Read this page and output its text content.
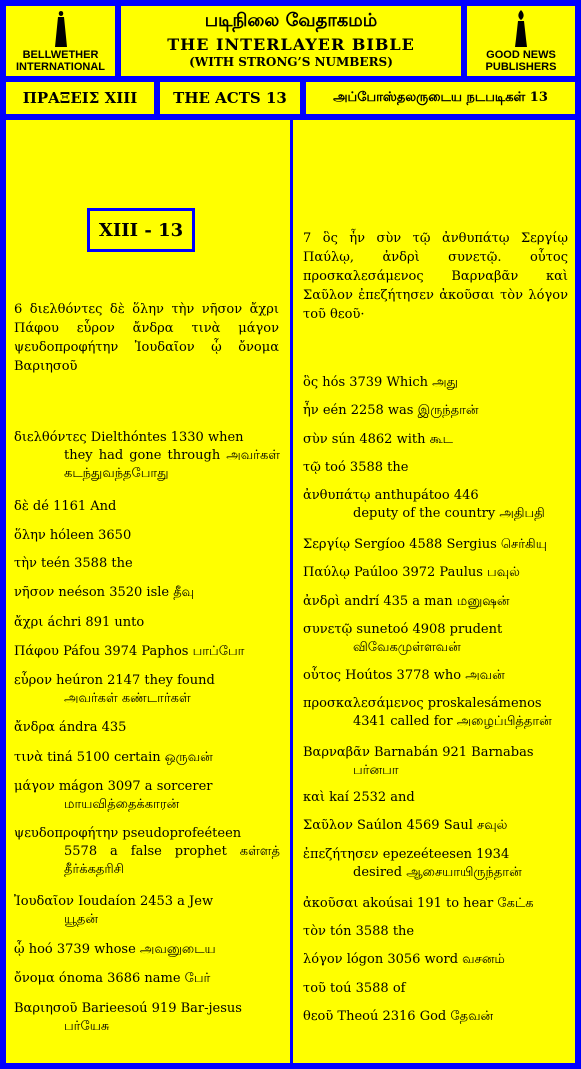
BELLWETHER INTERNATIONAL
படிநிலை வேதாகமம்
THE INTERLAYER BIBLE
(WITH STRONG’S NUMBERS)	GOOD NEWS PUBLISHERS
ΠΡΑΞΕΙΣ XIII	THE ACTS 13	அப்போஸ்தலருடைய நடபடிகள் 13
XIII - 13
6 διελθόντες δὲ ὅλην τὴν νῆσον ἄχρι Πάφου εὗρον ἄνδρα τινὰ μάγον ψευδοπροφήτην Ἰουδαῖον ᾧ ὄνομα Βαριησοῦ
7 ὃς ἦν σὺν τῷ ἀνθυπάτῳ Σεργίῳ Παύλῳ, ἀνδρὶ συνετῷ. οὗτος προσκαλεσάμενος Βαρναβᾶν καὶ Σαῦλον ἐπεζήτησεν ἀκοῦσαι τὸν λόγον τοῦ θεοῦ·
διελθόντες Dielthóntes 1330 when
they had gone through அவர்கள் கடந்துவந்தபோது
δὲ dé 1161 And
ὅλην hóleen 3650
τὴν teén 3588 the
νῆσον neéson 3520 isle தீவு
ἄχρι áchri 891 unto
Πάφου Páfou 3974 Paphos பாப்போ
εὗρον heúron 2147 they found
அவர்கள் கண்டார்கள்
ἄνδρα ándra 435
τινὰ tiná 5100 certain ஒருவன்
μάγον mágon 3097 a sorcerer
மாயவித்தைக்காரன்
ψευδοπροφήτην pseudoprofeéteen
5578 a false prophet கள்ளத் தீர்க்கதரிசி
Ἰουδαῖον Ioudaíon 2453 a Jew
யூதன்
ᾧ hoó 3739 whose அவனுடைய
ὄνομα ónoma 3686 name பேர்
Βαριησοῦ Barieesoú 919 Bar-jesus
பர்யேசு
ὃς hós 3739 Which அது
ἦν eén 2258 was இருந்தான்
σὺν sún 4862 with கூட
τῷ toó 3588 the
ἀνθυπάτῳ anthupátoo 446
deputy of the country அதிபதி
Σεργίῳ Sergíoo 4588 Sergius செர்கியு
Παύλῳ Paúloo 3972 Paulus பவுல்
ἀνδρὶ andrí 435 a man மனுஷன்
συνετῷ sunetoó 4908 prudent
விவேகமுள்ளவன்
οὗτος Hoútos 3778 who அவன்
προσκαλεσάμενος proskalesámenos
4341 called for அழைப்பித்தான்
Βαρναβᾶν Barnabán 921 Barnabas
பர்னபா
καὶ kaí 2532 and
Σαῦλον Saúlon 4569 Saul சவுல்
ἐπεζήτησεν epezeéteesen 1934
desired ஆசையாயிருந்தான்
ἀκοῦσαι akoúsai 191 to hear கேட்க
τὸν tón 3588 the
λόγον lógon 3056 word வசனம்
τοῦ toú 3588 of
θεοῦ Theoú 2316 God தேவன்
